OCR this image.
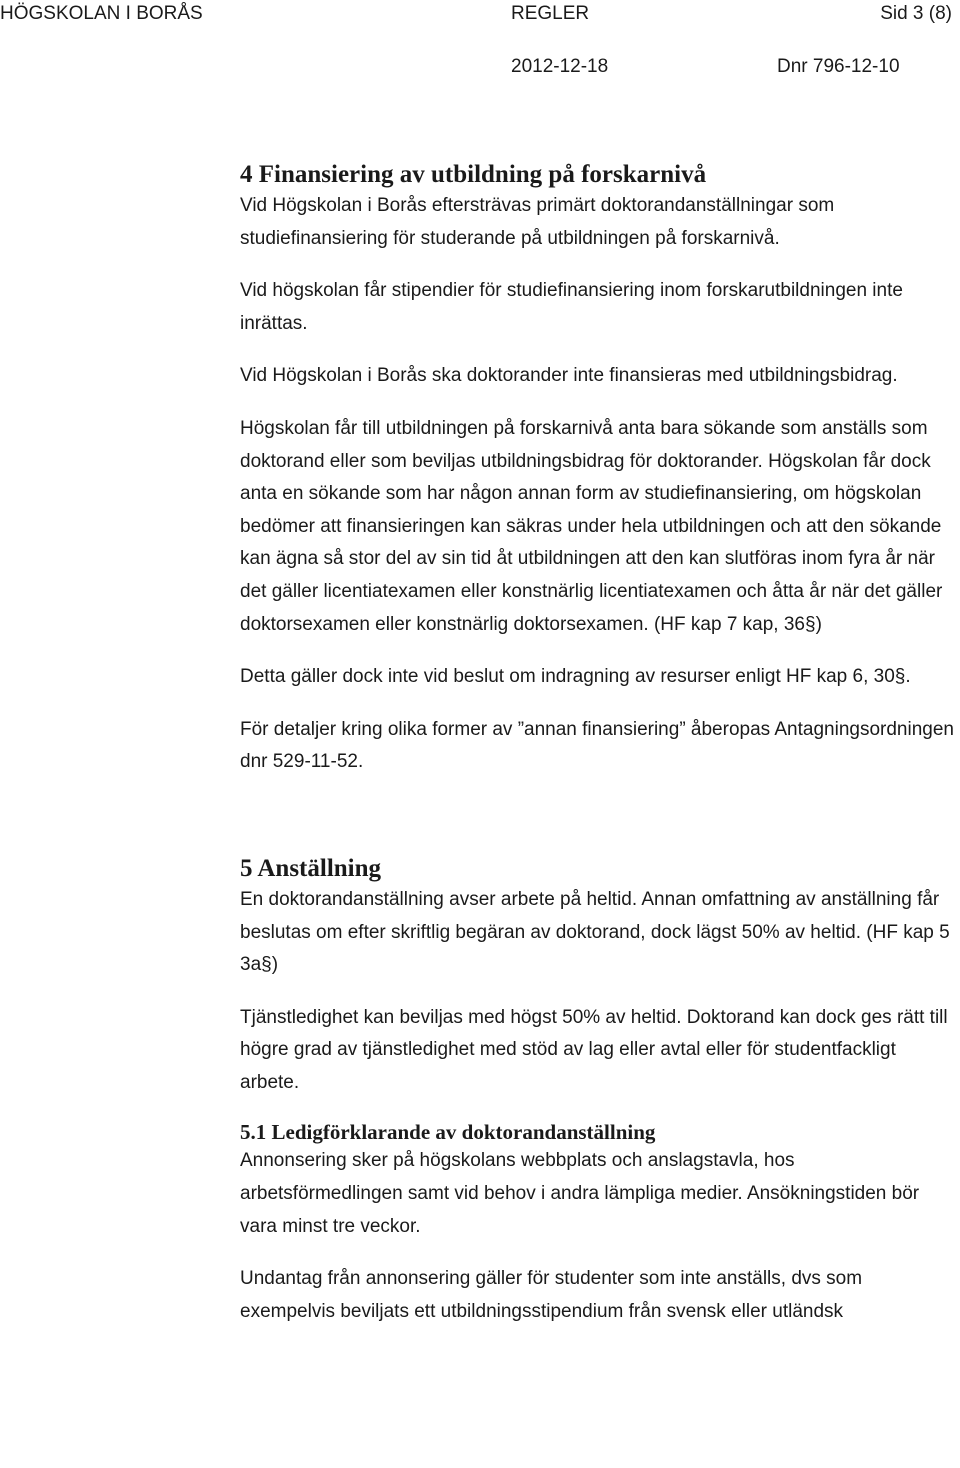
HÖGSKOLAN I BORÅS	REGLER	Sid 3 (8)
2012-12-18	Dnr 796-12-10
4 Finansiering av utbildning på forskarnivå

Vid Högskolan i Borås eftersträvas primärt doktorandanställningar som
studiefinansiering för studerande på utbildningen på forskarnivå.

Vid högskolan får stipendier för studiefinansiering inom forskarutbildningen inte inrättas.

Vid Högskolan i Borås ska doktorander inte finansieras med utbildningsbidrag.

Högskolan får till utbildningen på forskarnivå anta bara sökande som anställs som doktorand eller som beviljas utbildningsbidrag för doktorander. Högskolan får dock anta en sökande som har någon annan form av studiefinansiering, om högskolan bedömer att finansieringen kan säkras under hela utbildningen och att den sökande kan ägna så stor del av sin tid åt utbildningen att den kan slutföras inom fyra år när det gäller licentiatexamen eller konstnärlig licentiatexamen och åtta år när det gäller doktorsexamen eller konstnärlig doktorsexamen. (HF kap 7 kap, 36§)

Detta gäller dock inte vid beslut om indragning av resurser enligt HF kap 6, 30§.

För detaljer kring olika former av ”annan finansiering” åberopas Antagningsordningen dnr 529-11-52.

5 Anställning

En doktorandanställning avser arbete på heltid. Annan omfattning av anställning får beslutas om efter skriftlig begäran av doktorand, dock lägst 50% av heltid. (HF kap 5 3a§)

Tjänstledighet kan beviljas med högst 50% av heltid. Doktorand kan dock ges rätt till högre grad av tjänstledighet med stöd av lag eller avtal eller för studentfackligt arbete.

5.1 Ledigförklarande av doktorandanställning

Annonsering sker på högskolans webbplats och anslagstavla, hos arbetsförmedlingen samt vid behov i andra lämpliga medier. Ansökningstiden bör vara minst tre veckor.

Undantag från annonsering gäller för studenter som inte anställs, dvs som exempelvis beviljats ett utbildningsstipendium från svensk eller utländsk
